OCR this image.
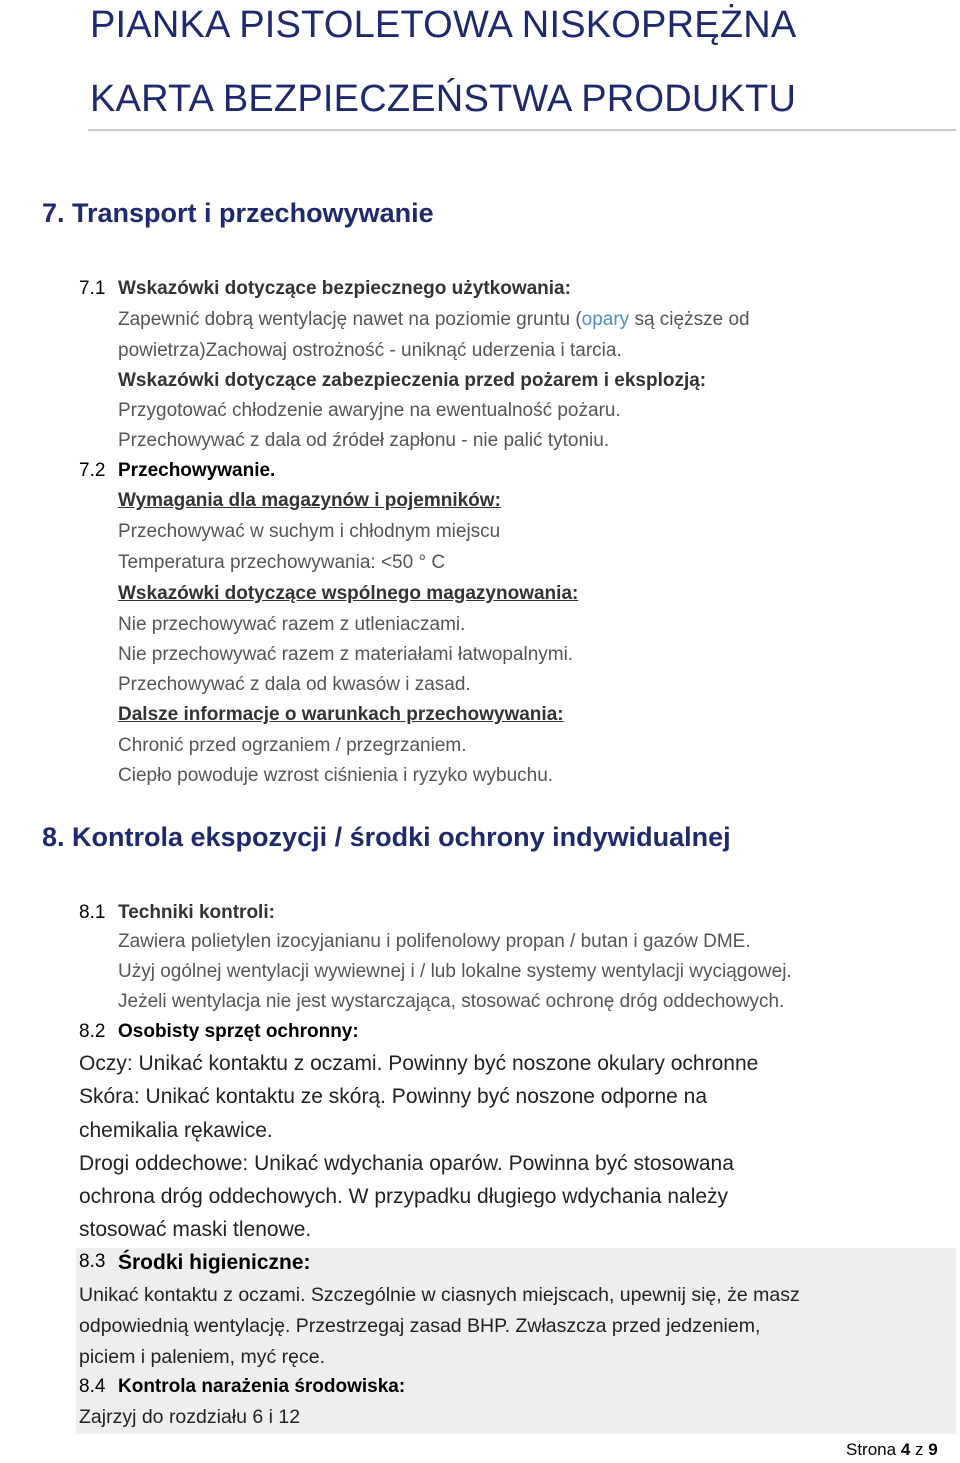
PIANKA PISTOLETOWA NISKOPRĘŻNA
KARTA BEZPIECZEŃSTWA PRODUKTU
7. Transport i przechowywanie
7.1 Wskazówki dotyczące bezpiecznego użytkowania:
Zapewnić dobrą wentylację nawet na poziomie gruntu (opary są cięższe od
powietrza)Zachowaj ostrożność - uniknąć uderzenia i tarcia.
Wskazówki dotyczące zabezpieczenia przed pożarem i eksplozją:
Przygotować chłodzenie awaryjne na ewentualność pożaru.
Przechowywać z dala od źródeł zapłonu - nie palić tytoniu.
7.2 Przechowywanie.
Wymagania dla magazynów i pojemników:
Przechowywać w suchym i chłodnym miejscu
Temperatura przechowywania: <50 ° C
Wskazówki dotyczące wspólnego magazynowania:
Nie przechowywać razem z utleniaczami.
Nie przechowywać razem z materiałami łatwopalnymi.
Przechowywać z dala od kwasów i zasad.
Dalsze informacje o warunkach przechowywania:
Chronić przed ogrzaniem / przegrzaniem.
Ciepło powoduje wzrost ciśnienia i ryzyko wybuchu.
8. Kontrola ekspozycji / środki ochrony indywidualnej
8.1 Techniki kontroli:
Zawiera polietylen izocyjanianu i polifenolowy propan / butan i gazów DME.
Użyj ogólnej wentylacji wywiewnej i / lub lokalne systemy wentylacji wyciągowej.
Jeżeli wentylacja nie jest wystarczająca, stosować ochronę dróg oddechowych.
8.2 Osobisty sprzęt ochronny:
Oczy: Unikać kontaktu z oczami. Powinny być noszone okulary ochronne
Skóra: Unikać kontaktu ze skórą. Powinny być noszone odporne na
chemikalia rękawice.
Drogi oddechowe: Unikać wdychania oparów. Powinna być stosowana
ochrona dróg oddechowych. W przypadku długiego wdychania należy
stosować maski tlenowe.
8.3 Środki higieniczne:
Unikać kontaktu z oczami. Szczególnie w ciasnych miejscach, upewnij się, że masz
odpowiednią wentylację. Przestrzegaj zasad BHP. Zwłaszcza przed jedzeniem,
piciem i paleniem, myć ręce.
8.4 Kontrola narażenia środowiska:
Zajrzyj do rozdziału 6 i 12
Strona 4 z 9
